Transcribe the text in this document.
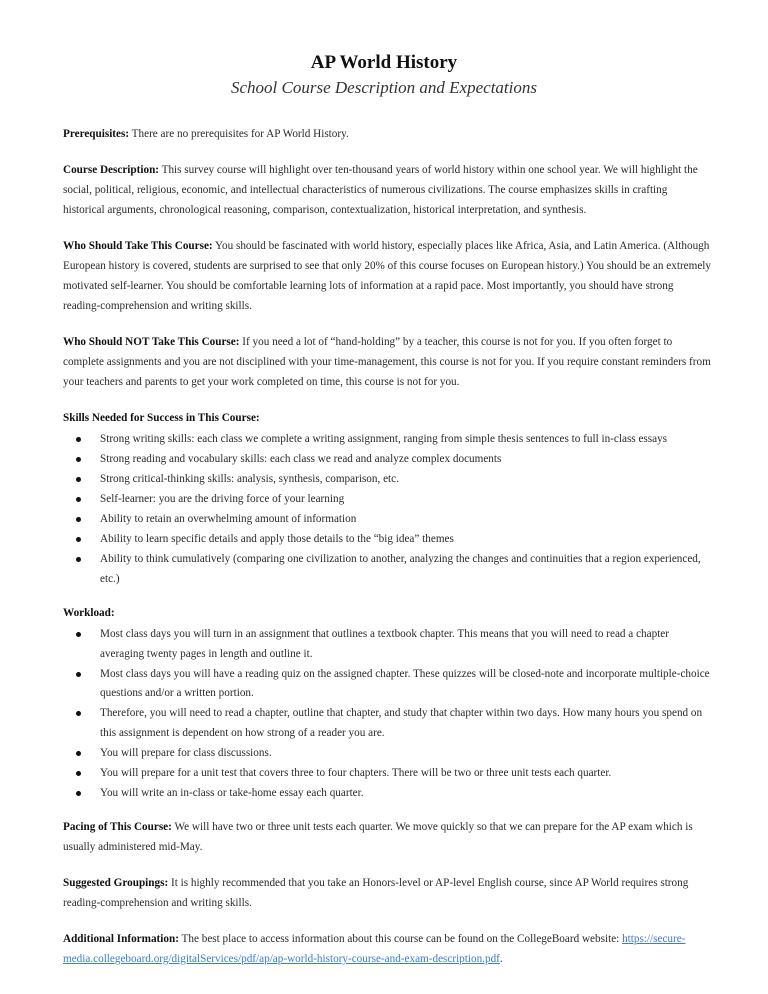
AP World History
School Course Description and Expectations

Prerequisites: There are no prerequisites for AP World History.

Course Description: This survey course will highlight over ten-thousand years of world history within one school year. We will highlight the social, political, religious, economic, and intellectual characteristics of numerous civilizations. The course emphasizes skills in crafting historical arguments, chronological reasoning, comparison, contextualization, historical interpretation, and synthesis.

Who Should Take This Course: You should be fascinated with world history, especially places like Africa, Asia, and Latin America. (Although European history is covered, students are surprised to see that only 20% of this course focuses on European history.) You should be an extremely motivated self-learner. You should be comfortable learning lots of information at a rapid pace. Most importantly, you should have strong reading-comprehension and writing skills.

Who Should NOT Take This Course: If you need a lot of “hand-holding” by a teacher, this course is not for you. If you often forget to complete assignments and you are not disciplined with your time-management, this course is not for you. If you require constant reminders from your teachers and parents to get your work completed on time, this course is not for you.

Skills Needed for Success in This Course:
Strong writing skills: each class we complete a writing assignment, ranging from simple thesis sentences to full in-class essays
Strong reading and vocabulary skills: each class we read and analyze complex documents
Strong critical-thinking skills: analysis, synthesis, comparison, etc.
Self-learner: you are the driving force of your learning
Ability to retain an overwhelming amount of information
Ability to learn specific details and apply those details to the “big idea” themes
Ability to think cumulatively (comparing one civilization to another, analyzing the changes and continuities that a region experienced, etc.)
Workload:
Most class days you will turn in an assignment that outlines a textbook chapter. This means that you will need to read a chapter averaging twenty pages in length and outline it.
Most class days you will have a reading quiz on the assigned chapter. These quizzes will be closed-note and incorporate multiple-choice questions and/or a written portion.
Therefore, you will need to read a chapter, outline that chapter, and study that chapter within two days. How many hours you spend on this assignment is dependent on how strong of a reader you are.
You will prepare for class discussions.
You will prepare for a unit test that covers three to four chapters. There will be two or three unit tests each quarter.
You will write an in-class or take-home essay each quarter.

Pacing of This Course: We will have two or three unit tests each quarter. We move quickly so that we can prepare for the AP exam which is usually administered mid-May.

Suggested Groupings: It is highly recommended that you take an Honors-level or AP-level English course, since AP World requires strong reading-comprehension and writing skills.

Additional Information: The best place to access information about this course can be found on the CollegeBoard website: https://secure-media.collegeboard.org/digitalServices/pdf/ap/ap-world-history-course-and-exam-description.pdf.
